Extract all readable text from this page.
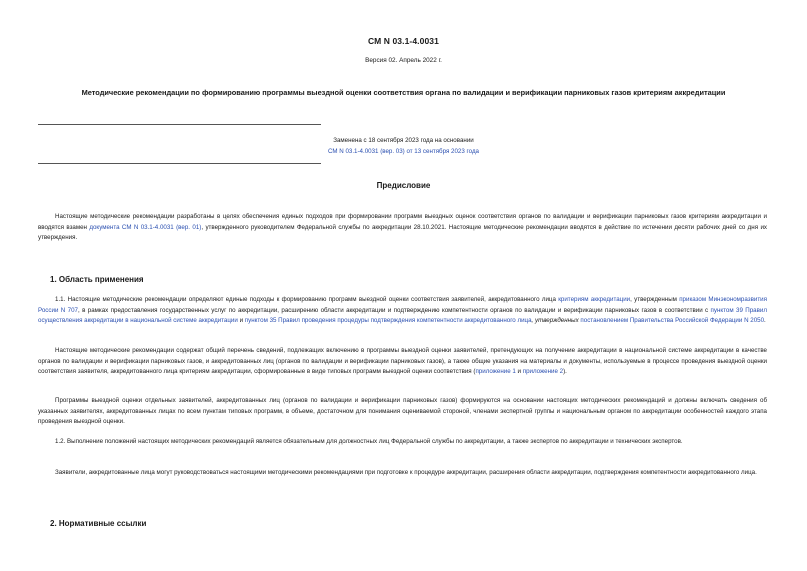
СМ N 03.1-4.0031
Версия 02. Апрель 2022 г.
Методические рекомендации по формированию программы выездной оценки соответствия органа по валидации и верификации парниковых газов критериям аккредитации
Заменена с 18 сентября 2023 года на основании
СМ N 03.1-4.0031 (вер. 03) от 13 сентября 2023 года
Предисловие

Настоящие методические рекомендации разработаны в целях обеспечения единых подходов при формировании программ выездных оценок соответствия органов по валидации и верификации парниковых газов критериям аккредитации и вводятся взамен документа СМ N 03.1-4.0031 (вер. 01), утвержденного руководителем Федеральной службы по аккредитации 28.10.2021. Настоящие методические рекомендации вводятся в действие по истечении десяти рабочих дней со дня их утверждения.

1. Область применения

1.1. Настоящие методические рекомендации определяют единые подходы к формированию программ выездной оценки соответствия заявителей, аккредитованного лица критериям аккредитации, утвержденным приказом Минэкономразвития России N 707, в рамках предоставления государственных услуг по аккредитации, расширению области аккредитации и подтверждению компетентности органов по валидации и верификации парниковых газов в соответствии с пунктом 39 Правил осуществления аккредитации в национальной системе аккредитации и пунктом 35 Правил проведения процедуры подтверждения компетентности аккредитованного лица, утвержденных постановлением Правительства Российской Федерации N 2050.

Настоящие методические рекомендации содержат общий перечень сведений, подлежащих включению в программы выездной оценки заявителей, претендующих на получение аккредитации в национальной системе аккредитации в качестве органов по валидации и верификации парниковых газов, и аккредитованных лиц (органов по валидации и верификации парниковых газов), а также общие указания на материалы и документы, используемые в процессе проведения выездной оценки соответствия заявителя, аккредитованного лица критериям аккредитации, сформированные в виде типовых программ выездной оценки соответствия (приложение 1 и приложение 2).

Программы выездной оценки отдельных заявителей, аккредитованных лиц (органов по валидации и верификации парниковых газов) формируются на основании настоящих методических рекомендаций и должны включать сведения об указанных заявителях, аккредитованных лицах по всем пунктам типовых программ, в объеме, достаточном для понимания оцениваемой стороной, членами экспертной группы и национальным органом по аккредитации особенностей каждого этапа проведения выездной оценки.

1.2. Выполнение положений настоящих методических рекомендаций является обязательным для должностных лиц Федеральной службы по аккредитации, а также экспертов по аккредитации и технических экспертов.

Заявители, аккредитованные лица могут руководствоваться настоящими методическими рекомендациями при подготовке к процедуре аккредитации, расширения области аккредитации, подтверждения компетентности аккредитованного лица.

2. Нормативные ссылки
